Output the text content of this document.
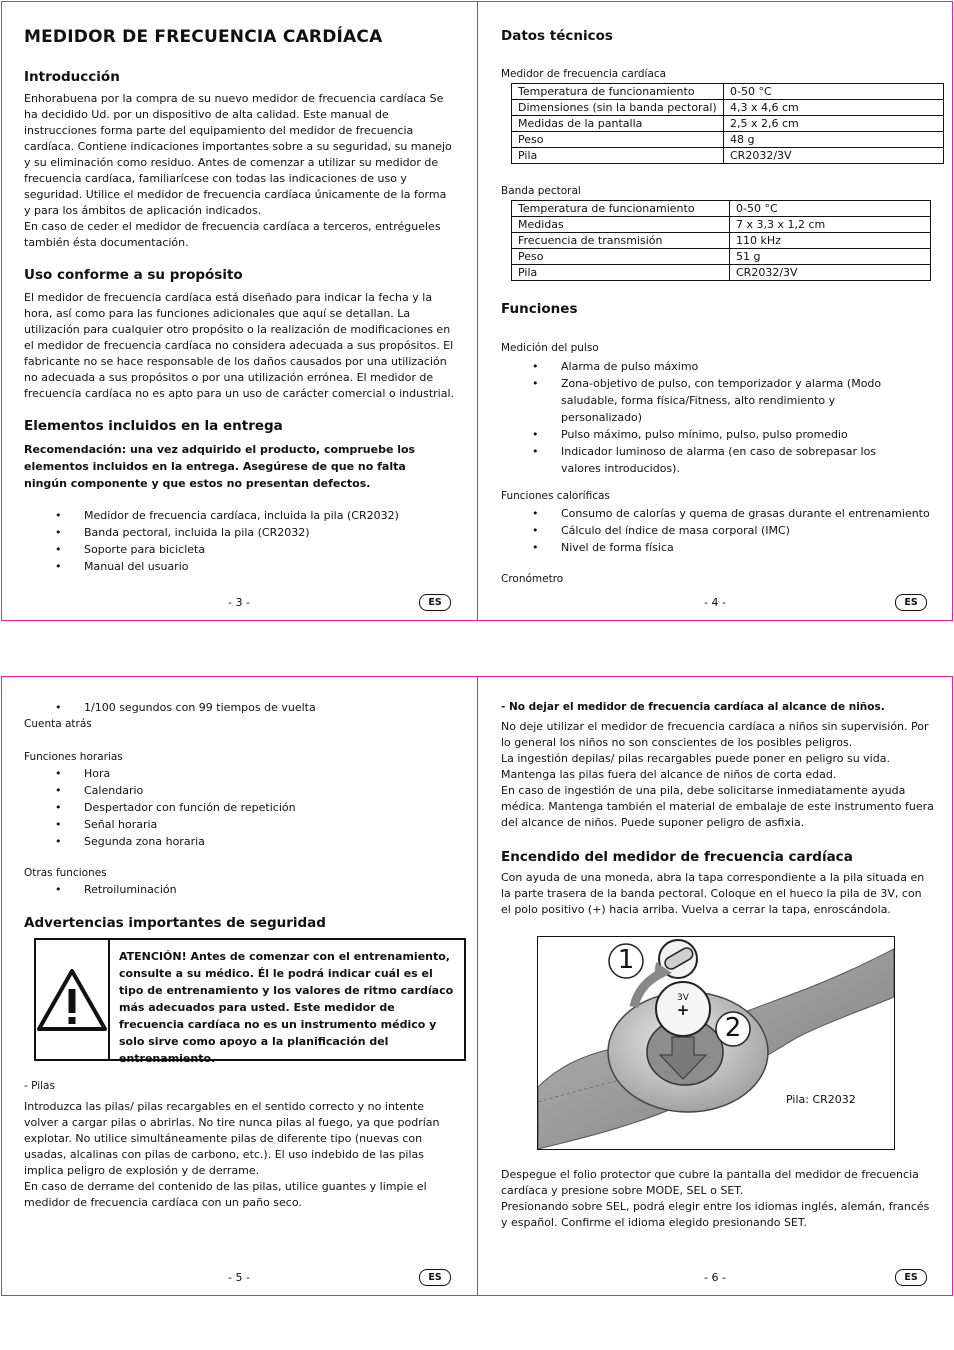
MEDIDOR DE FRECUENCIA CARDÍACA
Introducción

Enhorabuena por la compra de su nuevo medidor de frecuencia cardíaca Se ha decidido Ud. por un dispositivo de alta calidad. Este manual de instrucciones forma parte del equipamiento del medidor de frecuencia cardíaca. Contiene indicaciones importantes sobre a su seguridad, su manejo y su eliminación como residuo. Antes de comenzar a utilizar su medidor de frecuencia cardíaca, familiarícese con todas las indicaciones de uso y seguridad. Utilice el medidor de frecuencia cardíaca únicamente de la forma y para los ámbitos de aplicación indicados.

En caso de ceder el medidor de frecuencia cardíaca a terceros, entrégueles también ésta documentación.

Uso conforme a su propósito

El medidor de frecuencia cardíaca está diseñado para indicar la fecha y la hora, así como para las funciones adicionales que aquí se detallan. La utilización para cualquier otro propósito o la realización de modificaciones en el medidor de frecuencia cardíaca no considera adecuada a sus propósitos. El fabricante no se hace responsable de los daños causados por una utilización no adecuada a sus propósitos o por una utilización errónea. El medidor de frecuencia cardíaca no es apto para un uso de carácter comercial o industrial.

Elementos incluidos en la entrega

Recomendación: una vez adquirido el producto, compruebe los elementos incluidos en la entrega. Asegúrese de que no falta ningún componente y que estos no presentan defectos.

• Medidor de frecuencia cardíaca, incluida la pila (CR2032)
• Banda pectoral, incluida la pila (CR2032)
• Soporte para bicicleta
• Manual del usuario
- 3 -	ES
Datos técnicos

Medidor de frecuencia cardíaca

Temperatura de funcionamiento	0-50 °C
Dimensiones (sin la banda pectoral)	4,3 x 4,6 cm
Medidas de la pantalla	2,5 x 2,6 cm
Peso	48 g
Pila	CR2032/3V

Banda pectoral

Temperatura de funcionamiento	0-50 °C
Medidas	7 x 3,3 x 1,2 cm
Frecuencia de transmisión	110 kHz
Peso	51 g
Pila	CR2032/3V
Funciones

Medición del pulso

• Alarma de pulso máximo
• Zona-objetivo de pulso, con temporizador y alarma (Modo saludable, forma física/Fitness, alto rendimiento y personalizado)
• Pulso máximo, pulso mínimo, pulso, pulso promedio
• Indicador luminoso de alarma (en caso de sobrepasar los valores introducidos).

Funciones caloríficas

• Consumo de calorías y quema de grasas durante el entrenamiento
• Cálculo del índice de masa corporal (IMC)
• Nivel de forma física

Cronómetro

- 4 -	ES
• 1/100 segundos con 99 tiempos de vuelta

Cuenta atrás

Funciones horarias

• Hora
• Calendario
• Despertador con función de repetición
• Señal horaria
• Segunda zona horaria

Otras funciones

• Retroiluminación
Advertencias importantes de seguridad
ATENCIÓN! Antes de comenzar con el entrenamiento, consulte a su médico. Él le podrá indicar cuál es el tipo de entrenamiento y los valores de ritmo cardíaco más adecuados para usted. Este medidor de frecuencia cardíaca no es un instrumento médico y solo sirve como apoyo a la planificación del entrenamiento.

- Pilas

Introduzca las pilas/ pilas recargables en el sentido correcto y no intente volver a cargar pilas o abrirlas. No tire nunca pilas al fuego, ya que podrían explotar. No utilice simultáneamente pilas de diferente tipo (nuevas con usadas, alcalinas con pilas de carbono, etc.). El uso indebido de las pilas implica peligro de explosión y de derrame.

En caso de derrame del contenido de las pilas, utilice guantes y limpie el medidor de frecuencia cardíaca con un paño seco.

- 5 -	ES

- No dejar el medidor de frecuencia cardíaca al alcance de niños.

No deje utilizar el medidor de frecuencia cardíaca a niños sin supervisión. Por lo general los niños no son conscientes de los posibles peligros.

La ingestión depilas/ pilas recargables puede poner en peligro su vida. Mantenga las pilas fuera del alcance de niños de corta edad.

En caso de ingestión de una pila, debe solicitarse inmediatamente ayuda médica. Mantenga también el material de embalaje de este instrumento fuera del alcance de niños. Puede suponer peligro de asfixia.

Encendido del medidor de frecuencia cardíaca

Con ayuda de una moneda, abra la tapa correspondiente a la pila situada en la parte trasera de la banda pectoral. Coloque en el hueco la pila de 3V, con el polo positivo (+) hacia arriba. Vuelva a cerrar la tapa, enroscándola.

1
2
3V
+
Pila: CR2032

Despegue el folio protector que cubre la pantalla del medidor de frecuencia cardíaca y presione sobre MODE, SEL o SET.

Presionando sobre SEL, podrá elegir entre los idiomas inglés, alemán, francés y español. Confirme el idioma elegido presionando SET.

- 6 -	ES
